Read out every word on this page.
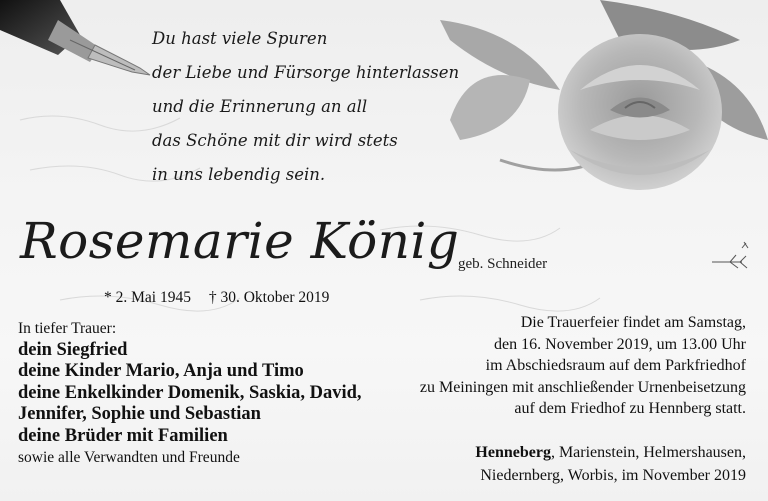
Du hast viele Spuren
der Liebe und Fürsorge hinterlassen
und die Erinnerung an all
das Schöne mit dir wird stets
in uns lebendig sein.
Rosemarie König
geb. Schneider
* 2. Mai 1945 † 30. Oktober 2019
In tiefer Trauer:
dein Siegfried
deine Kinder Mario, Anja und Timo
deine Enkelkinder Domenik, Saskia, David,
Jennifer, Sophie und Sebastian
deine Brüder mit Familien
sowie alle Verwandten und Freunde
Die Trauerfeier findet am Samstag,
den 16. November 2019, um 13.00 Uhr
im Abschiedsraum auf dem Parkfriedhof
zu Meiningen mit anschließender Urnenbeisetzung
auf dem Friedhof zu Hennberg statt.
Henneberg, Marienstein, Helmershausen,
Niedernberg, Worbis, im November 2019
